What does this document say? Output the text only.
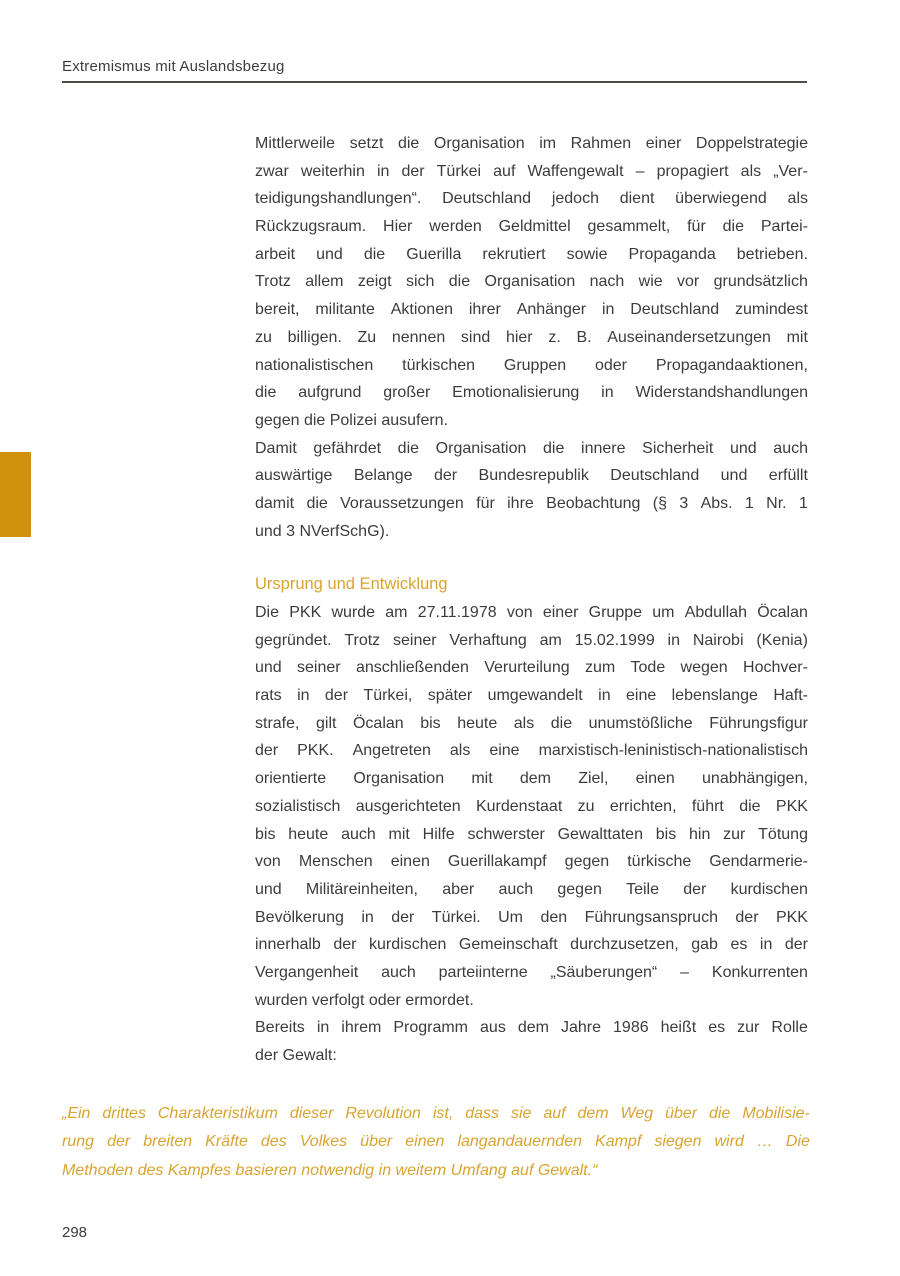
Extremismus mit Auslandsbezug
Mittlerweile setzt die Organisation im Rahmen einer Doppelstrategie
zwar weiterhin in der Türkei auf Waffengewalt – propagiert als „Ver-
teidigungshandlungen“. Deutschland jedoch dient überwiegend als
Rückzugsraum. Hier werden Geldmittel gesammelt, für die Partei-
arbeit und die Guerilla rekrutiert sowie Propaganda betrieben.
Trotz allem zeigt sich die Organisation nach wie vor grundsätzlich
bereit, militante Aktionen ihrer Anhänger in Deutschland zumindest
zu billigen. Zu nennen sind hier z. B. Auseinandersetzungen mit
nationalistischen türkischen Gruppen oder Propagandaaktionen,
die aufgrund großer Emotionalisierung in Widerstandshandlungen
gegen die Polizei ausufern.
Damit gefährdet die Organisation die innere Sicherheit und auch
auswärtige Belange der Bundesrepublik Deutschland und erfüllt
damit die Voraussetzungen für ihre Beobachtung (§ 3 Abs. 1 Nr. 1
und 3 NVerfSchG).
Ursprung und Entwicklung
Die PKK wurde am 27.11.1978 von einer Gruppe um Abdullah Öcalan
gegründet. Trotz seiner Verhaftung am 15.02.1999 in Nairobi (Kenia)
und seiner anschließenden Verurteilung zum Tode wegen Hochver-
rats in der Türkei, später umgewandelt in eine lebenslange Haft-
strafe, gilt Öcalan bis heute als die unumstößliche Führungsfigur
der PKK. Angetreten als eine marxistisch-leninistisch-nationalistisch
orientierte Organisation mit dem Ziel, einen unabhängigen,
sozialistisch ausgerichteten Kurdenstaat zu errichten, führt die PKK
bis heute auch mit Hilfe schwerster Gewalttaten bis hin zur Tötung
von Menschen einen Guerillakampf gegen türkische Gendarmerie-
und Militäreinheiten, aber auch gegen Teile der kurdischen
Bevölkerung in der Türkei. Um den Führungsanspruch der PKK
innerhalb der kurdischen Gemeinschaft durchzusetzen, gab es in der
Vergangenheit auch parteiinterne „Säuberungen“ – Konkurrenten
wurden verfolgt oder ermordet.
Bereits in ihrem Programm aus dem Jahre 1986 heißt es zur Rolle
der Gewalt:
„Ein drittes Charakteristikum dieser Revolution ist, dass sie auf dem Weg über die Mobilisie-
rung der breiten Kräfte des Volkes über einen langandauernden Kampf siegen wird … Die
Methoden des Kampfes basieren notwendig in weitem Umfang auf Gewalt.“
298
